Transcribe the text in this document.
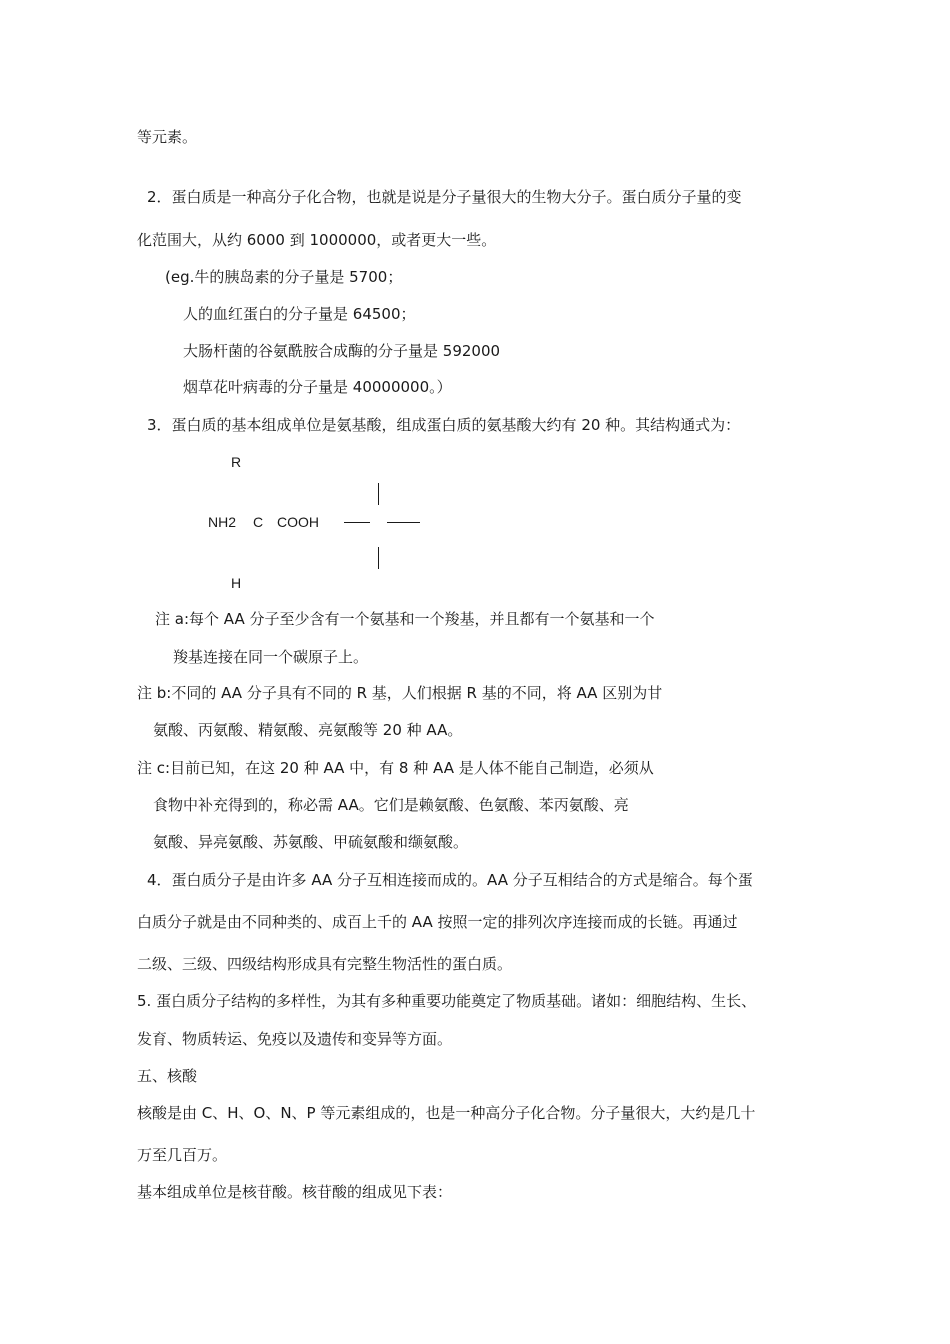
等元素。
2．蛋白质是一种高分子化合物，也就是说是分子量很大的生物大分子。蛋白质分子量的变
化范围大，从约 6000 到 1000000，或者更大一些。
(eg.牛的胰岛素的分子量是 5700；
人的血红蛋白的分子量是 64500；
大肠杆菌的谷氨酰胺合成酶的分子量是 592000
烟草花叶病毒的分子量是 40000000。）
3．蛋白质的基本组成单位是氨基酸，组成蛋白质的氨基酸大约有 20 种。其结构通式为：
R
NH2 C COOH
H
注 a:每个 AA 分子至少含有一个氨基和一个羧基，并且都有一个氨基和一个
羧基连接在同一个碳原子上。
注 b:不同的 AA 分子具有不同的 R 基，人们根据 R 基的不同，将 AA 区别为甘
氨酸、丙氨酸、精氨酸、亮氨酸等 20 种 AA。
注 c:目前已知，在这 20 种 AA 中，有 8 种 AA 是人体不能自己制造，必须从
食物中补充得到的，称必需 AA。它们是赖氨酸、色氨酸、苯丙氨酸、亮
氨酸、异亮氨酸、苏氨酸、甲硫氨酸和缬氨酸。
4．蛋白质分子是由许多 AA 分子互相连接而成的。AA 分子互相结合的方式是缩合。每个蛋
白质分子就是由不同种类的、成百上千的 AA 按照一定的排列次序连接而成的长链。再通过
二级、三级、四级结构形成具有完整生物活性的蛋白质。
5. 蛋白质分子结构的多样性，为其有多种重要功能奠定了物质基础。诸如：细胞结构、生长、
发育、物质转运、免疫以及遗传和变异等方面。
五、核酸
核酸是由 C、H、O、N、P 等元素组成的，也是一种高分子化合物。分子量很大，大约是几十
万至几百万。
基本组成单位是核苷酸。核苷酸的组成见下表：
